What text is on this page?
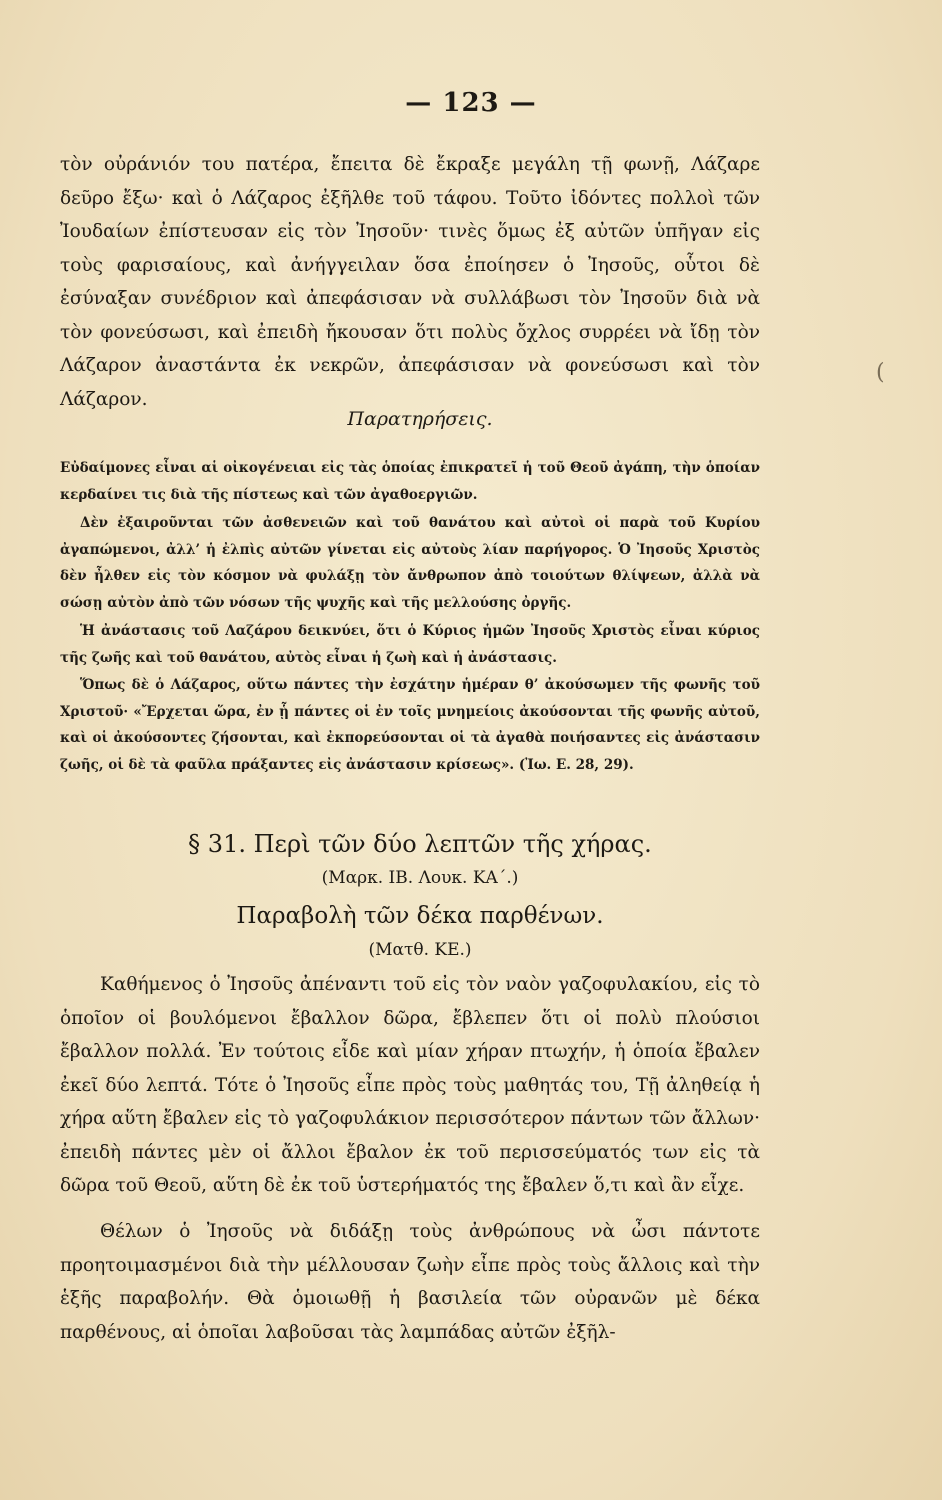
— 123 —

τὸν οὐράνιόν του πατέρα, ἔπειτα δὲ ἔκραξε μεγάλη τῇ φωνῇ, Λάζαρε δεῦρο ἔξω· καὶ ὁ Λάζαρος ἐξῆλθε τοῦ τάφου. Τοῦτο ἰδόντες πολλοὶ τῶν Ἰουδαίων ἐπίστευσαν εἰς τὸν Ἰησοῦν· τινὲς ὅμως ἐξ αὐτῶν ὑπῆγαν εἰς τοὺς φαρισαίους, καὶ ἀνήγγειλαν ὅσα ἐποίησεν ὁ Ἰησοῦς, οὗτοι δὲ ἐσύναξαν συνέδριον καὶ ἀπεφάσισαν νὰ συλλάβωσι τὸν Ἰησοῦν διὰ νὰ τὸν φονεύσωσι, καὶ ἐπειδὴ ἤκουσαν ὅτι πολὺς ὄχλος συρρέει νὰ ἴδῃ τὸν Λάζαρον ἀναστάντα ἐκ νεκρῶν, ἀπεφάσισαν νὰ φονεύσωσι καὶ τὸν Λάζαρον.

Παρατηρήσεις.

Εὐδαίμονες εἶναι αἱ οἰκογένειαι εἰς τὰς ὁποίας ἐπικρατεῖ ἡ τοῦ Θεοῦ ἀγάπη, τὴν ὁποίαν κερδαίνει τις διὰ τῆς πίστεως καὶ τῶν ἀγαθοεργιῶν.

Δὲν ἐξαιροῦνται τῶν ἀσθενειῶν καὶ τοῦ θανάτου καὶ αὐτοὶ οἱ παρὰ τοῦ Κυρίου ἀγαπώμενοι, ἀλλ’ ἡ ἐλπὶς αὐτῶν γίνεται εἰς αὐτοὺς λίαν παρήγορος. Ὁ Ἰησοῦς Χριστὸς δὲν ἦλθεν εἰς τὸν κόσμον νὰ φυλάξῃ τὸν ἄνθρωπον ἀπὸ τοιούτων θλίψεων, ἀλλὰ νὰ σώσῃ αὐτὸν ἀπὸ τῶν νόσων τῆς ψυχῆς καὶ τῆς μελλούσης ὀργῆς.

Ἡ ἀνάστασις τοῦ Λαζάρου δεικνύει, ὅτι ὁ Κύριος ἡμῶν Ἰησοῦς Χριστὸς εἶναι κύριος τῆς ζωῆς καὶ τοῦ θανάτου, αὐτὸς εἶναι ἡ ζωὴ καὶ ἡ ἀνάστασις.

Ὅπως δὲ ὁ Λάζαρος, οὕτω πάντες τὴν ἐσχάτην ἡμέραν θ’ ἀκούσωμεν τῆς φωνῆς τοῦ Χριστοῦ· «Ἔρχεται ὥρα, ἐν ᾗ πάντες οἱ ἐν τοῖς μνημείοις ἀκούσονται τῆς φωνῆς αὐτοῦ, καὶ οἱ ἀκούσοντες ζήσονται, καὶ ἐκπορεύσονται οἱ τὰ ἀγαθὰ ποιήσαντες εἰς ἀνάστασιν ζωῆς, οἱ δὲ τὰ φαῦλα πράξαντες εἰς ἀνάστασιν κρίσεως». (Ἰω. Ε. 28, 29).

§ 31. Περὶ τῶν δύο λεπτῶν τῆς χήρας.
(Μαρκ. ΙΒ. Λουκ. ΚΑ΄.)
Παραβολὴ τῶν δέκα παρθένων.
(Ματθ. ΚΕ.)

Καθήμενος ὁ Ἰησοῦς ἀπέναντι τοῦ εἰς τὸν ναὸν γαζοφυλακίου, εἰς τὸ ὁποῖον οἱ βουλόμενοι ἔβαλλον δῶρα, ἔβλεπεν ὅτι οἱ πολὺ πλούσιοι ἔβαλλον πολλά. Ἐν τούτοις εἶδε καὶ μίαν χήραν πτωχήν, ἡ ὁποία ἔβαλεν ἐκεῖ δύο λεπτά. Τότε ὁ Ἰησοῦς εἶπε πρὸς τοὺς μαθητάς του, Τῇ ἀληθείᾳ ἡ χήρα αὕτη ἔβαλεν εἰς τὸ γαζοφυλάκιον περισσότερον πάντων τῶν ἄλλων· ἐπειδὴ πάντες μὲν οἱ ἄλλοι ἔβαλον ἐκ τοῦ περισσεύματός των εἰς τὰ δῶρα τοῦ Θεοῦ, αὕτη δὲ ἐκ τοῦ ὑστερήματός της ἔβαλεν ὅ,τι καὶ ἂν εἶχε.

Θέλων ὁ Ἰησοῦς νὰ διδάξῃ τοὺς ἀνθρώπους νὰ ὦσι πάντοτε προητοιμασμένοι διὰ τὴν μέλλουσαν ζωὴν εἶπε πρὸς τοὺς ἄλλοις καὶ τὴν ἑξῆς παραβολήν. Θὰ ὁμοιωθῇ ἡ βασιλεία τῶν οὐρανῶν μὲ δέκα παρθένους, αἱ ὁποῖαι λαβοῦσαι τὰς λαμπάδας αὐτῶν ἐξῆλ-

(
